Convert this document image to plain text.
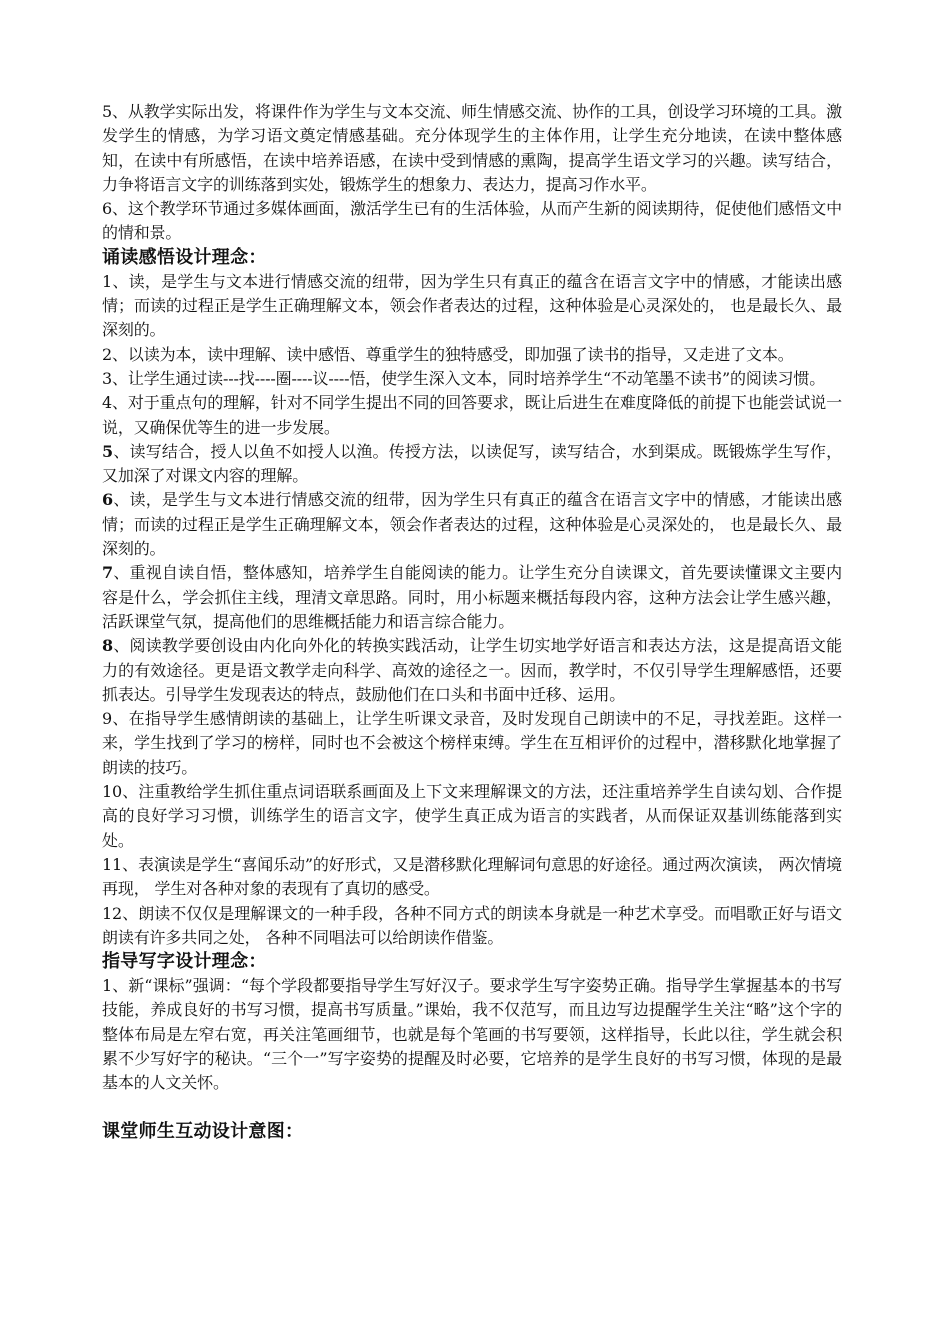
5、从教学实际出发，将课件作为学生与文本交流、师生情感交流、协作的工具，创设学习环境的工具。激发学生的情感，为学习语文奠定情感基础。充分体现学生的主体作用，让学生充分地读，在读中整体感知，在读中有所感悟，在读中培养语感，在读中受到情感的熏陶，提高学生语文学习的兴趣。读写结合，力争将语言文字的训练落到实处，锻炼学生的想象力、表达力，提高习作水平。

6、这个教学环节通过多媒体画面，激活学生已有的生活体验，从而产生新的阅读期待，促使他们感悟文中的情和景。

诵读感悟设计理念：

1、读，是学生与文本进行情感交流的纽带，因为学生只有真正的蕴含在语言文字中的情感，才能读出感情；而读的过程正是学生正确理解文本，领会作者表达的过程，这种体验是心灵深处的， 也是最长久、最深刻的。

2、以读为本，读中理解、读中感悟、尊重学生的独特感受，即加强了读书的指导，又走进了文本。

3、让学生通过读---找----圈----议----悟，使学生深入文本，同时培养学生“不动笔墨不读书”的阅读习惯。

4、对于重点句的理解，针对不同学生提出不同的回答要求，既让后进生在难度降低的前提下也能尝试说一说，又确保优等生的进一步发展。

5、读写结合，授人以鱼不如授人以渔。传授方法，以读促写，读写结合，水到渠成。既锻炼学生写作， 又加深了对课文内容的理解。

6、读，是学生与文本进行情感交流的纽带，因为学生只有真正的蕴含在语言文字中的情感，才能读出感情；而读的过程正是学生正确理解文本，领会作者表达的过程，这种体验是心灵深处的， 也是最长久、最深刻的。

7、重视自读自悟，整体感知，培养学生自能阅读的能力。让学生充分自读课文，首先要读懂课文主要内容是什么，学会抓住主线，理清文章思路。同时，用小标题来概括每段内容，这种方法会让学生感兴趣，活跃课堂气氛，提高他们的思维概括能力和语言综合能力。

8、阅读教学要创设由内化向外化的转换实践活动，让学生切实地学好语言和表达方法，这是提高语文能力的有效途径。更是语文教学走向科学、高效的途径之一。因而，教学时，不仅引导学生理解感悟，还要抓表达。引导学生发现表达的特点，鼓励他们在口头和书面中迁移、运用。

9、在指导学生感情朗读的基础上，让学生听课文录音，及时发现自己朗读中的不足，寻找差距。这样一来，学生找到了学习的榜样，同时也不会被这个榜样束缚。学生在互相评价的过程中，潜移默化地掌握了朗读的技巧。

10、注重教给学生抓住重点词语联系画面及上下文来理解课文的方法，还注重培养学生自读勾划、合作提高的良好学习习惯，训练学生的语言文字，使学生真正成为语言的实践者，从而保证双基训练能落到实处。

11、表演读是学生“喜闻乐动”的好形式，又是潜移默化理解词句意思的好途径。通过两次演读， 两次情境再现， 学生对各种对象的表现有了真切的感受。

12、朗读不仅仅是理解课文的一种手段，各种不同方式的朗读本身就是一种艺术享受。而唱歌正好与语文朗读有许多共同之处， 各种不同唱法可以给朗读作借鉴。

指导写字设计理念：

1、新“课标”强调：“每个学段都要指导学生写好汉子。要求学生写字姿势正确。指导学生掌握基本的书写技能，养成良好的书写习惯，提高书写质量。”课始，我不仅范写，而且边写边提醒学生关注“略”这个字的整体布局是左窄右宽，再关注笔画细节，也就是每个笔画的书写要领，这样指导，长此以往，学生就会积累不少写好字的秘诀。“三个一”写字姿势的提醒及时必要，它培养的是学生良好的书写习惯，体现的是最基本的人文关怀。

课堂师生互动设计意图：
